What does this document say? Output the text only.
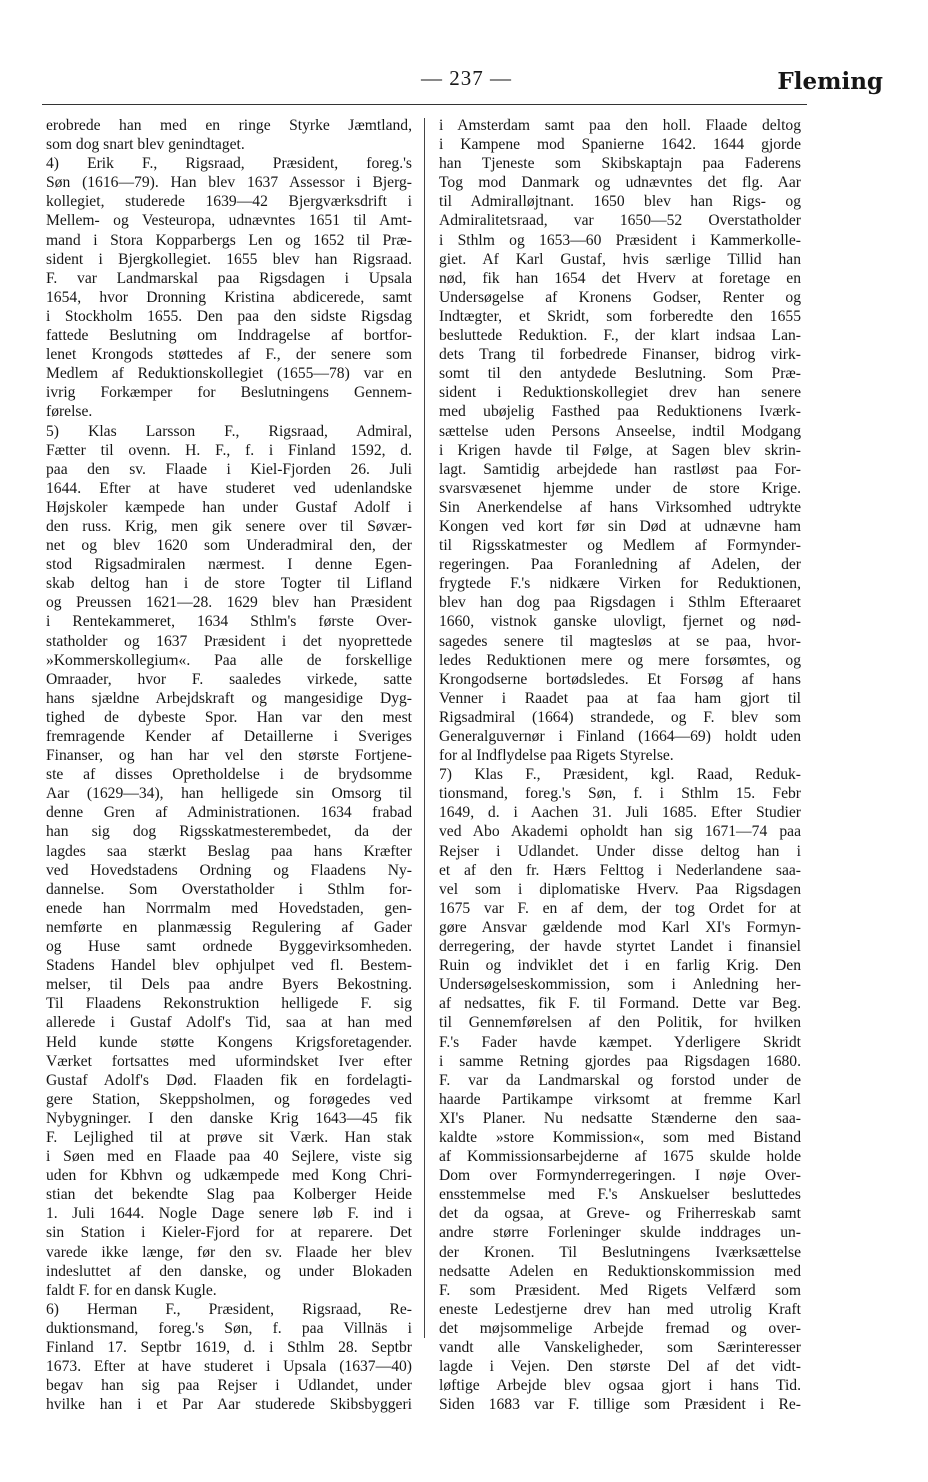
— 237 —	Fleming
erobrede han med en ringe Styrke Jæmtland,
som dog snart blev genindtaget.
4) Erik F., Rigsraad, Præsident, foreg.'s
Søn (1616—79). Han blev 1637 Assessor i Bjerg-
kollegiet, studerede 1639—42 Bjergværksdrift i
Mellem- og Vesteuropa, udnævntes 1651 til Amt-
mand i Stora Kopparbergs Len og 1652 til Præ-
sident i Bjergkollegiet. 1655 blev han Rigsraad.
F. var Landmarskal paa Rigsdagen i Upsala
1654, hvor Dronning Kristina abdicerede, samt
i Stockholm 1655. Den paa den sidste Rigsdag
fattede Beslutning om Inddragelse af bortfor-
lenet Krongods støttedes af F., der senere som
Medlem af Reduktionskollegiet (1655—78) var en
ivrig Forkæmper for Beslutningens Gennem-
førelse.
5) Klas Larsson F., Rigsraad, Admiral,
Fætter til ovenn. H. F., f. i Finland 1592, d.
paa den sv. Flaade i Kiel-Fjorden 26. Juli
1644. Efter at have studeret ved udenlandske
Højskoler kæmpede han under Gustaf Adolf i
den russ. Krig, men gik senere over til Søvær-
net og blev 1620 som Underadmiral den, der
stod Rigsadmiralen nærmest. I denne Egen-
skab deltog han i de store Togter til Lifland
og Preussen 1621—28. 1629 blev han Præsident
i Rentekammeret, 1634 Sthlm's første Over-
statholder og 1637 Præsident i det nyoprettede
»Kommerskollegium«. Paa alle de forskellige
Omraader, hvor F. saaledes virkede, satte
hans sjældne Arbejdskraft og mangesidige Dyg-
tighed de dybeste Spor. Han var den mest
fremragende Kender af Detaillerne i Sveriges
Finanser, og han har vel den største Fortjene-
ste af disses Opretholdelse i de brydsomme
Aar (1629—34), han helligede sin Omsorg til
denne Gren af Administrationen. 1634 frabad
han sig dog Rigsskatmesterembedet, da der
lagdes saa stærkt Beslag paa hans Kræfter
ved Hovedstadens Ordning og Flaadens Ny-
dannelse. Som Overstatholder i Sthlm for-
enede han Norrmalm med Hovedstaden, gen-
nemførte en planmæssig Regulering af Gader
og Huse samt ordnede Byggevirksomheden.
Stadens Handel blev ophjulpet ved fl. Bestem-
melser, til Dels paa andre Byers Bekostning.
Til Flaadens Rekonstruktion helligede F. sig
allerede i Gustaf Adolf's Tid, saa at han med
Held kunde støtte Kongens Krigsforetagender.
Værket fortsattes med uformindsket Iver efter
Gustaf Adolf's Død. Flaaden fik en fordelagti-
gere Station, Skeppsholmen, og forøgedes ved
Nybygninger. I den danske Krig 1643—45 fik
F. Lejlighed til at prøve sit Værk. Han stak
i Søen med en Flaade paa 40 Sejlere, viste sig
uden for Kbhvn og udkæmpede med Kong Chri-
stian det bekendte Slag paa Kolberger Heide
1. Juli 1644. Nogle Dage senere løb F. ind i
sin Station i Kieler-Fjord for at reparere. Det
varede ikke længe, før den sv. Flaade her blev
indesluttet af den danske, og under Blokaden
faldt F. for en dansk Kugle.
6) Herman F., Præsident, Rigsraad, Re-
duktionsmand, foreg.'s Søn, f. paa Villnäs i
Finland 17. Septbr 1619, d. i Sthlm 28. Septbr
1673. Efter at have studeret i Upsala (1637—40)
begav han sig paa Rejser i Udlandet, under
hvilke han i et Par Aar studerede Skibsbyggeri
i Amsterdam samt paa den holl. Flaade deltog
i Kampene mod Spanierne 1642. 1644 gjorde
han Tjeneste som Skibskaptajn paa Faderens
Tog mod Danmark og udnævntes det flg. Aar
til Admiralløjtnant. 1650 blev han Rigs- og
Admiralitetsraad, var 1650—52 Overstatholder
i Sthlm og 1653—60 Præsident i Kammerkolle-
giet. Af Karl Gustaf, hvis særlige Tillid han
nød, fik han 1654 det Hverv at foretage en
Undersøgelse af Kronens Godser, Renter og
Indtægter, et Skridt, som forberedte den 1655
besluttede Reduktion. F., der klart indsaa Lan-
dets Trang til forbedrede Finanser, bidrog virk-
somt til den antydede Beslutning. Som Præ-
sident i Reduktionskollegiet drev han senere
med ubøjelig Fasthed paa Reduktionens Iværk-
sættelse uden Persons Anseelse, indtil Modgang
i Krigen havde til Følge, at Sagen blev skrin-
lagt. Samtidig arbejdede han rastløst paa For-
svarsvæsenet hjemme under de store Krige.
Sin Anerkendelse af hans Virksomhed udtrykte
Kongen ved kort før sin Død at udnævne ham
til Rigsskatmester og Medlem af Formynder-
regeringen. Paa Foranledning af Adelen, der
frygtede F.'s nidkære Virken for Reduktionen,
blev han dog paa Rigsdagen i Sthlm Efteraaret
1660, vistnok ganske ulovligt, fjernet og nød-
sagedes senere til magtesløs at se paa, hvor-
ledes Reduktionen mere og mere forsømtes, og
Krongodserne bortødsledes. Et Forsøg af hans
Venner i Raadet paa at faa ham gjort til
Rigsadmiral (1664) strandede, og F. blev som
Generalguvernør i Finland (1664—69) holdt uden
for al Indflydelse paa Rigets Styrelse.
7) Klas F., Præsident, kgl. Raad, Reduk-
tionsmand, foreg.'s Søn, f. i Sthlm 15. Febr
1649, d. i Aachen 31. Juli 1685. Efter Studier
ved Abo Akademi opholdt han sig 1671—74 paa
Rejser i Udlandet. Under disse deltog han i
et af den fr. Hærs Felttog i Nederlandene saa-
vel som i diplomatiske Hverv. Paa Rigsdagen
1675 var F. en af dem, der tog Ordet for at
gøre Ansvar gældende mod Karl XI's Formyn-
derregering, der havde styrtet Landet i finansiel
Ruin og indviklet det i en farlig Krig. Den
Undersøgelseskommission, som i Anledning her-
af nedsattes, fik F. til Formand. Dette var Beg.
til Gennemførelsen af den Politik, for hvilken
F.'s Fader havde kæmpet. Yderligere Skridt
i samme Retning gjordes paa Rigsdagen 1680.
F. var da Landmarskal og forstod under de
haarde Partikampe virksomt at fremme Karl
XI's Planer. Nu nedsatte Stænderne den saa-
kaldte »store Kommission«, som med Bistand
af Kommissionsarbejderne af 1675 skulde holde
Dom over Formynderregeringen. I nøje Over-
ensstemmelse med F.'s Anskuelser besluttedes
det da ogsaa, at Greve- og Friherreskab samt
andre større Forleninger skulde inddrages un-
der Kronen. Til Beslutningens Iværksættelse
nedsatte Adelen en Reduktionskommission med
F. som Præsident. Med Rigets Velfærd som
eneste Ledestjerne drev han med utrolig Kraft
det møjsommelige Arbejde fremad og over-
vandt alle Vanskeligheder, som Særinteresser
lagde i Vejen. Den største Del af det vidt-
løftige Arbejde blev ogsaa gjort i hans Tid.
Siden 1683 var F. tillige som Præsident i Re-
